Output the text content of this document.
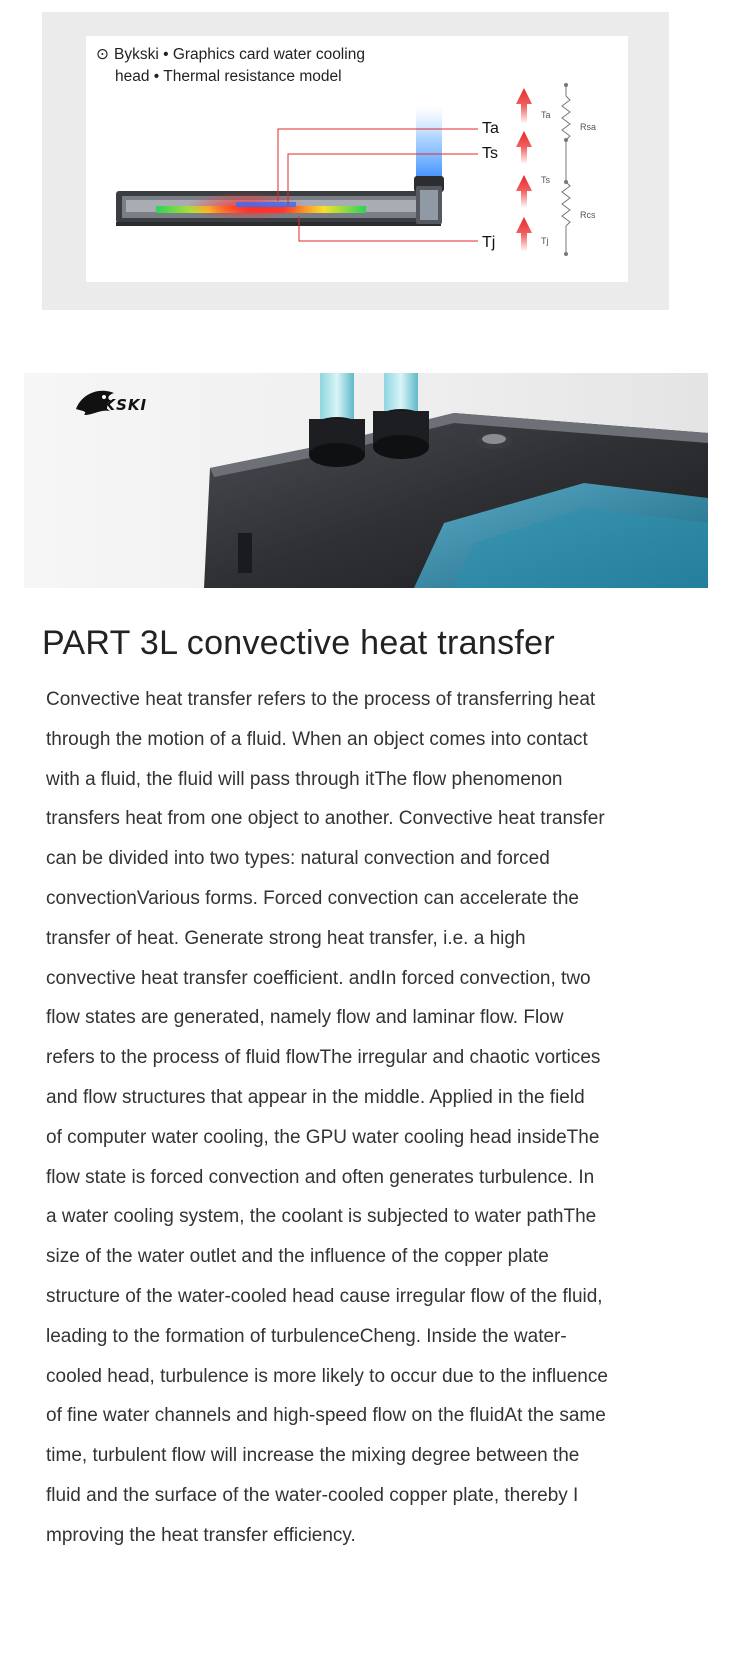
Ta
Ts
Tj
Ta
Ts
Tj
Rsa
Rcs
⊙ Bykski • Graphics card water cooling
head • Thermal resistance model
BYKSKI
PART 3L convective heat transfer
Convective heat transfer refers to the process of transferring heat
through the motion of a fluid. When an object comes into contact
with a fluid, the fluid will pass through itThe flow phenomenon
transfers heat from one object to another. Convective heat transfer
can be divided into two types: natural convection and forced
convectionVarious forms. Forced convection can accelerate the
transfer of heat. Generate strong heat transfer, i.e. a high
convective heat transfer coefficient. andIn forced convection, two
flow states are generated, namely flow and laminar flow. Flow
refers to the process of fluid flowThe irregular and chaotic vortices
and flow structures that appear in the middle. Applied in the field
of computer water cooling, the GPU water cooling head insideThe
flow state is forced convection and often generates turbulence. In
a water cooling system, the coolant is subjected to water pathThe
size of the water outlet and the influence of the copper plate
structure of the water-cooled head cause irregular flow of the fluid,
leading to the formation of turbulenceCheng. Inside the water-
cooled head, turbulence is more likely to occur due to the influence
of fine water channels and high-speed flow on the fluidAt the same
time, turbulent flow will increase the mixing degree between the
fluid and the surface of the water-cooled copper plate, thereby I
mproving the heat transfer efficiency.
